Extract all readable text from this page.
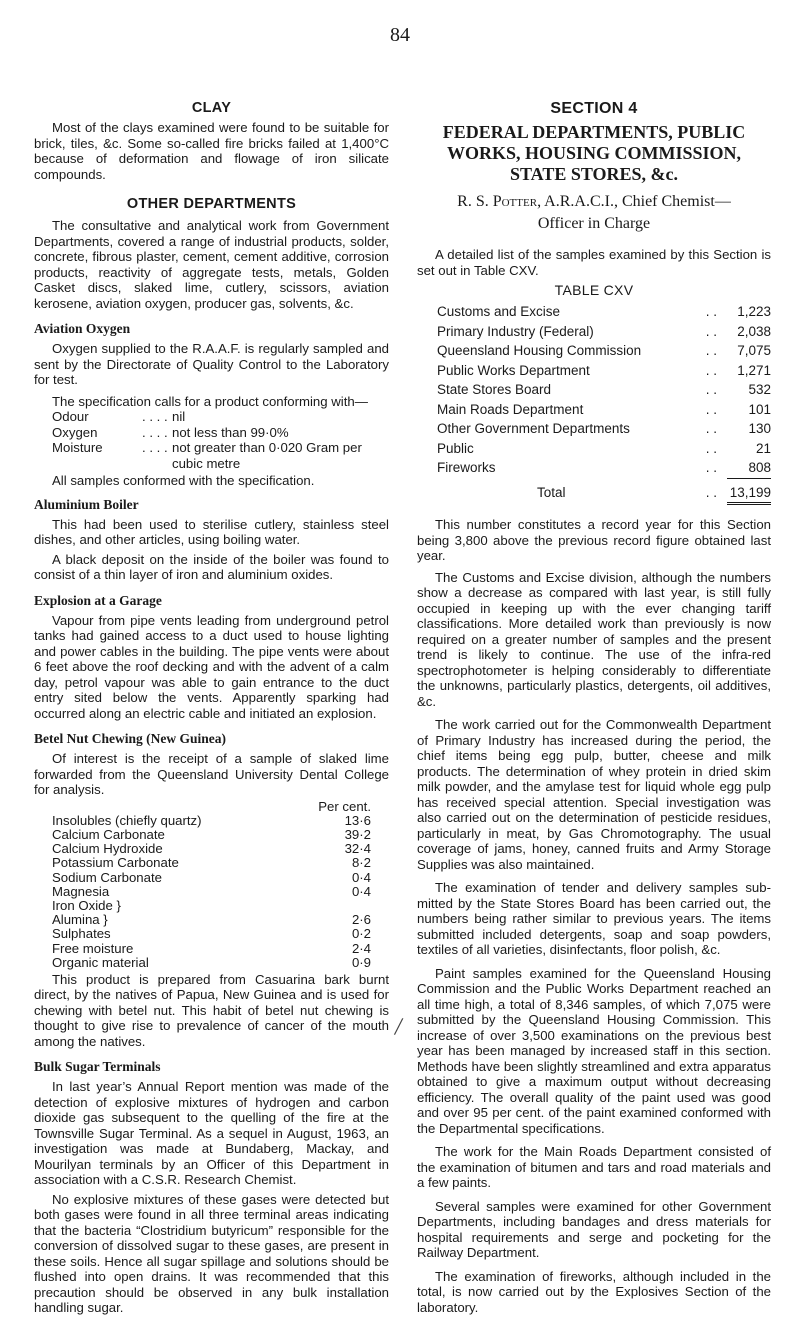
84

CLAY

Most of the clays examined were found to be suitable for brick, tiles, &c. Some so-called fire bricks failed at 1,400°C because of deformation and flowage of iron silicate compounds.

OTHER DEPARTMENTS

The consultative and analytical work from Government Departments, covered a range of industrial products, solder, concrete, fibrous plaster, cement, cement additive, corrosion products, reactivity of aggregate tests, metals, Golden Casket discs, slaked lime, cutlery, scissors, aviation kerosene, aviation oxygen, producer gas, solvents, &c.

Aviation Oxygen

Oxygen supplied to the R.A.A.F. is regularly sampled and sent by the Directorate of Quality Control to the Laboratory for test.

The specification calls for a product conforming with—

Odour	. . . . nil
Oxygen	. . . . not less than 99·0%
Moisture	. . . . not greater than 0·020 Gram per cubic metre

All samples conformed with the specification.

Aluminium Boiler

This had been used to sterilise cutlery, stainless steel dishes, and other articles, using boiling water.

A black deposit on the inside of the boiler was found to consist of a thin layer of iron and aluminium oxides.

Explosion at a Garage

Vapour from pipe vents leading from underground petrol tanks had gained access to a duct used to house lighting and power cables in the building. The pipe vents were about 6 feet above the roof decking and with the advent of a calm day, petrol vapour was able to gain entrance to the duct entry sited below the vents. Apparently sparking had occurred along an electric cable and initiated an explosion.

Betel Nut Chewing (New Guinea)

Of interest is the receipt of a sample of slaked lime forwarded from the Queensland University Dental College for analysis.

Per cent.
Insolubles (chiefly quartz)	13·6
Calcium Carbonate	39·2
Calcium Hydroxide	32·4
Potassium Carbonate	8·2
Sodium Carbonate	0·4
Magnesia	0·4
Iron Oxide }
Alumina }	2·6
Sulphates	0·2
Free moisture	2·4
Organic material	0·9

This product is prepared from Casuarina bark burnt direct, by the natives of Papua, New Guinea and is used for chewing with betel nut. This habit of betel nut chewing is thought to give rise to prevalence of cancer of the mouth among the natives.

Bulk Sugar Terminals

In last year’s Annual Report mention was made of the detection of explosive mixtures of hydrogen and carbon dioxide gas subsequent to the quelling of the fire at the Townsville Sugar Terminal. As a sequel in August, 1963, an investigation was made at Bundaberg, Mackay, and Mourilyan terminals by an Officer of this Department in association with a C.S.R. Research Chemist.

No explosive mixtures of these gases were detected but both gases were found in all three terminal areas indicating that the bacteria “Clostridium butyricum” responsible for the conversion of dissolved sugar to these gases, are present in these soils. Hence all sugar spillage and solutions should be flushed into open drains. It was recommended that this precaution should be observed in any bulk installation handling sugar.

SECTION 4

FEDERAL DEPARTMENTS, PUBLIC WORKS, HOUSING COMMISSION, STATE STORES, &c.

R. S. Potter, A.R.A.C.I., Chief Chemist—

Officer in Charge

A detailed list of the samples examined by this Section is set out in Table CXV.

TABLE CXV

Customs and Excise	. .	1,223
Primary Industry (Federal)	. .	2,038
Queensland Housing Commission	. .	7,075
Public Works Department	. .	1,271
State Stores Board	. .	532
Main Roads Department	. .	101
Other Government Departments	. .	130
Public	. .	21
Fireworks	. .	808
Total	. . 13,199

This number constitutes a record year for this Section being 3,800 above the previous record figure obtained last year.

The Customs and Excise division, although the numbers show a decrease as compared with last year, is still fully occupied in keeping up with the ever changing tariff classifications. More detailed work than previously is now required on a greater number of samples and the present trend is likely to continue. The use of the infra-red spectrophotometer is helping considerably to differentiate the unknowns, particularly plastics, detergents, oil additives, &c.

The work carried out for the Commonwealth Department of Primary Industry has increased during the period, the chief items being egg pulp, butter, cheese and milk products. The determination of whey protein in dried skim milk powder, and the amylase test for liquid whole egg pulp has received special attention. Special investigation was also carried out on the determination of pesticide residues, particularly in meat, by Gas Chromotography. The usual coverage of jams, honey, canned fruits and Army Storage Supplies was also maintained.

The examination of tender and delivery samples submitted by the State Stores Board has been carried out, the numbers being rather similar to previous years. The items submitted included detergents, soap and soap powders, textiles of all varieties, disinfectants, floor polish, &c.

Paint samples examined for the Queensland Housing Commission and the Public Works Department reached an all time high, a total of 8,346 samples, of which 7,075 were submitted by the Queensland Housing Commission. This increase of over 3,500 examinations on the previous best year has been managed by increased staff in this section. Methods have been slightly streamlined and extra apparatus obtained to give a maximum output without decreasing efficiency. The overall quality of the paint used was good and over 95 per cent. of the paint examined conformed with the Departmental specifications.

The work for the Main Roads Department consisted of the examination of bitumen and tars and road materials and a few paints.

Several samples were examined for other Government Departments, including bandages and dress materials for hospital requirements and serge and pocketing for the Railway Department.

The examination of fireworks, although included in the total, is now carried out by the Explosives Section of the laboratory.

/
